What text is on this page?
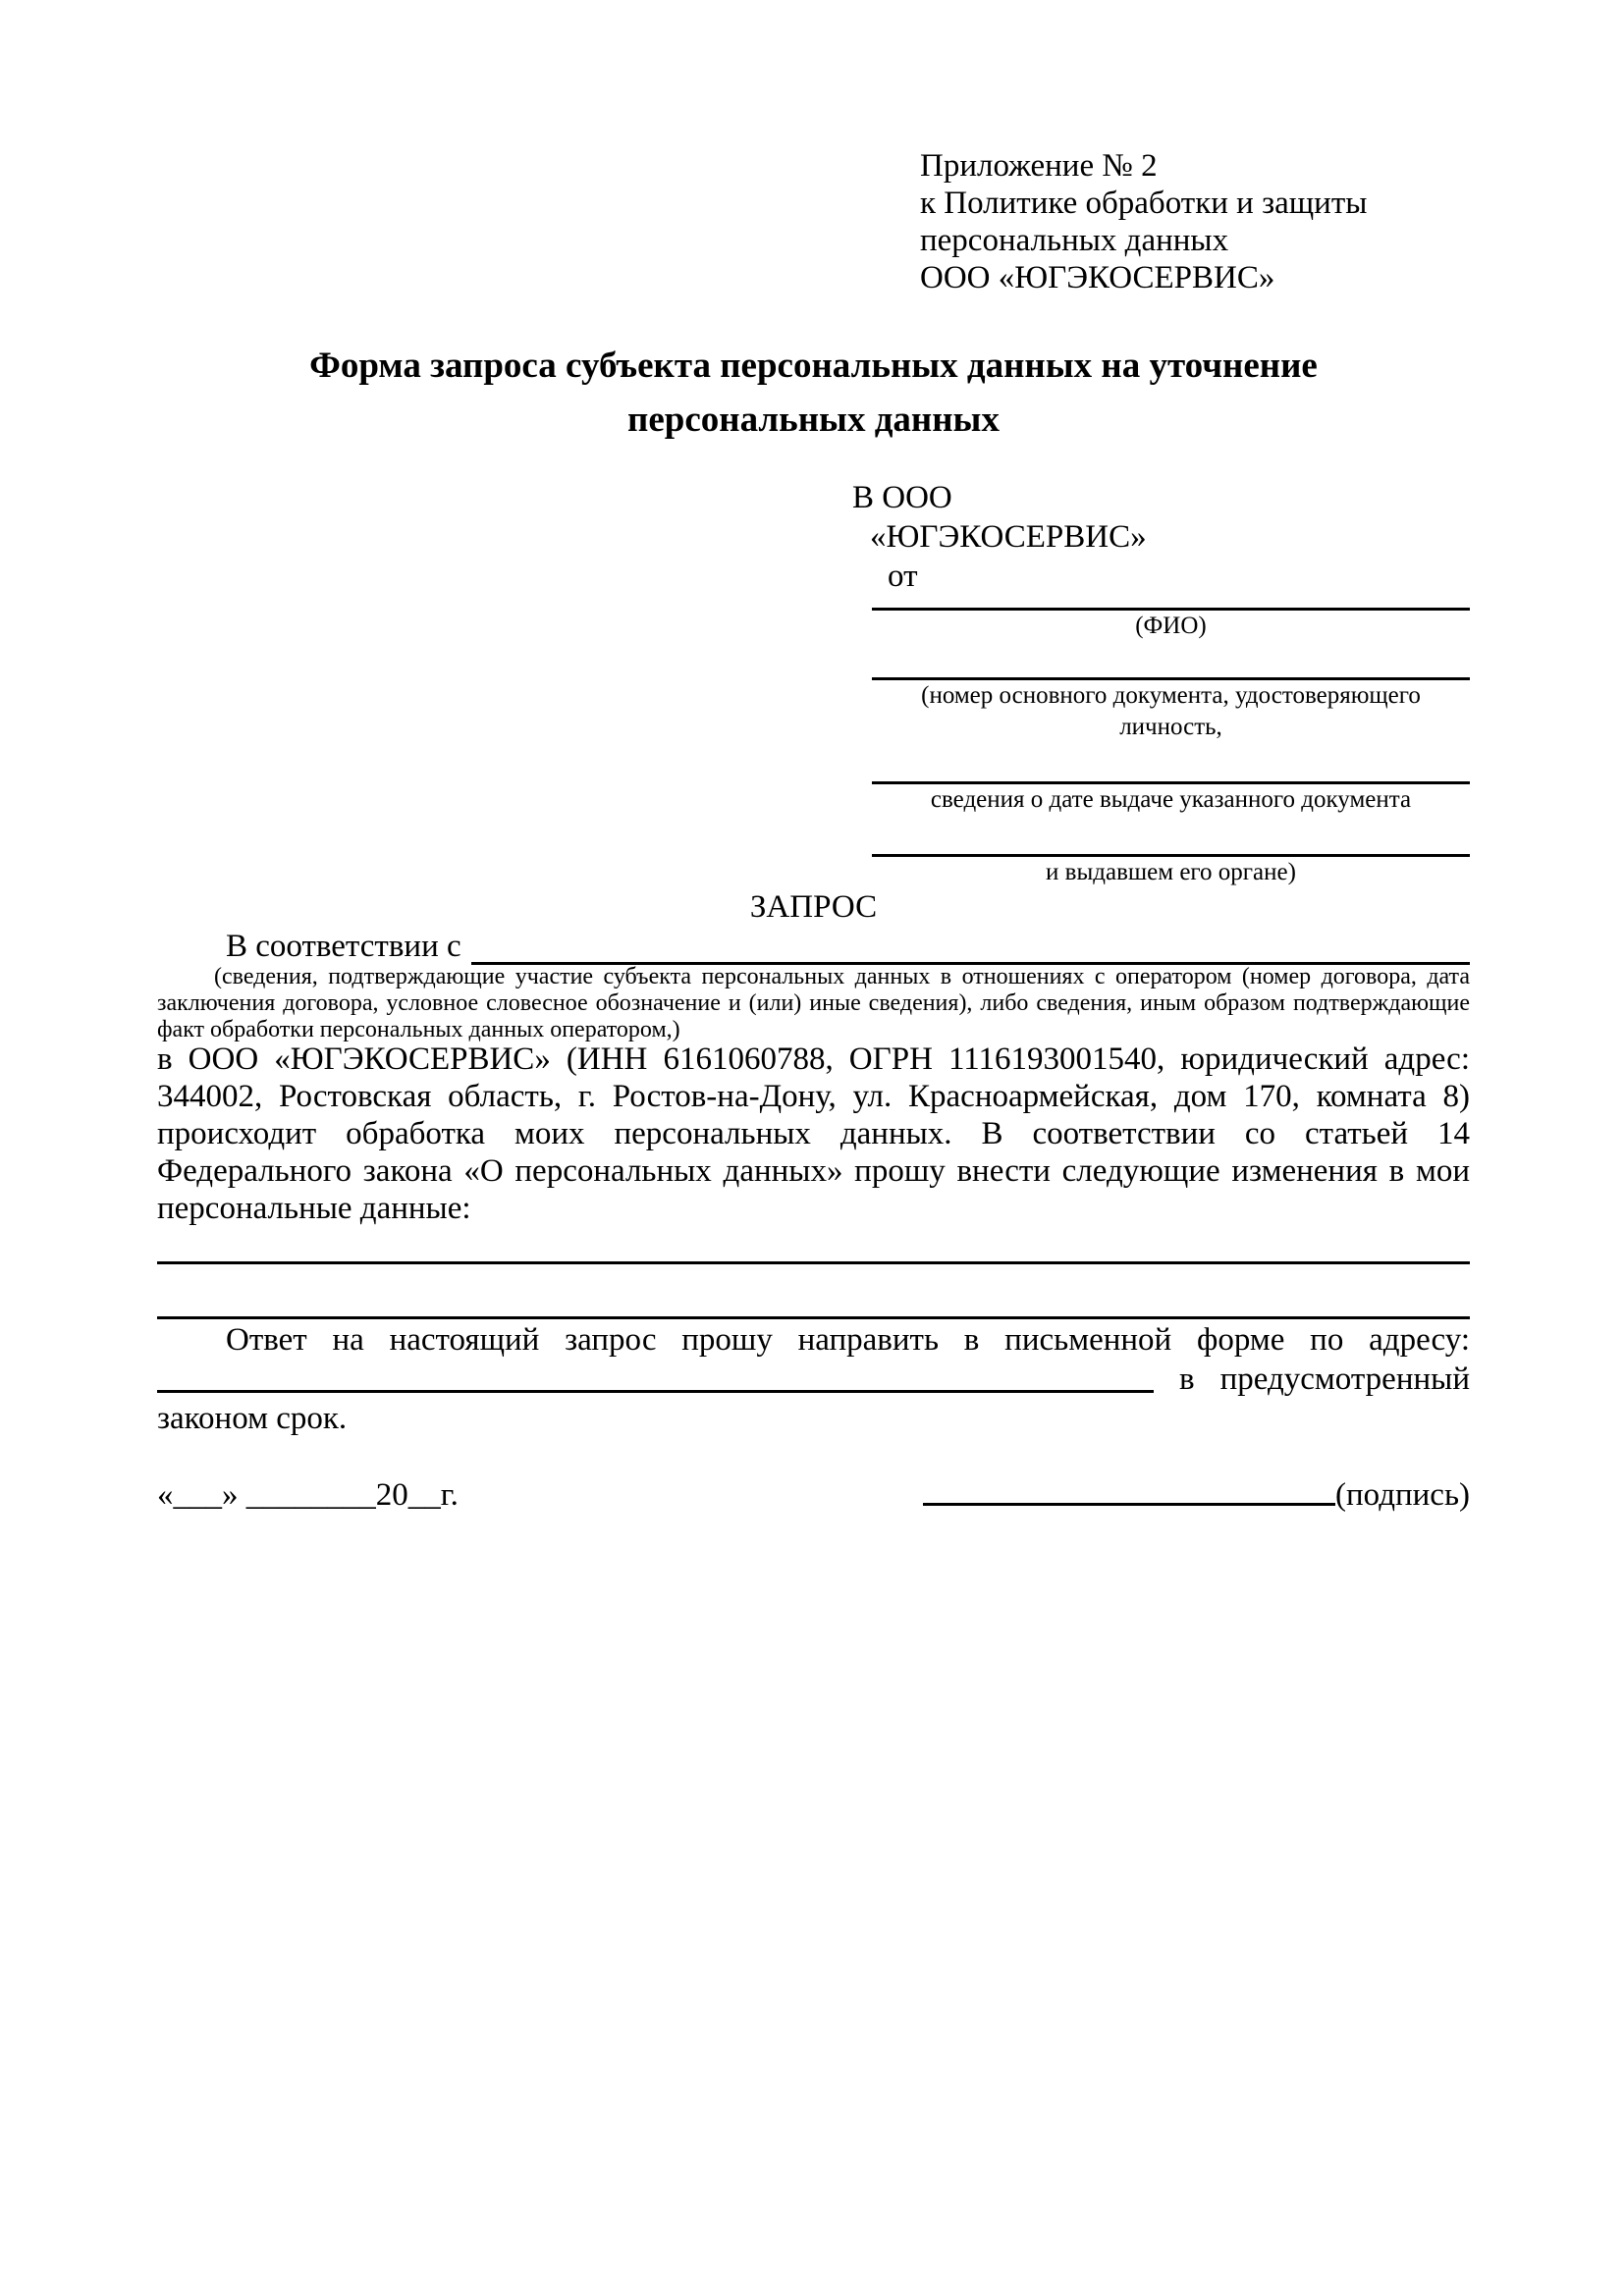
Приложение № 2
к Политике обработки и защиты персональных данных
ООО «ЮГЭКОСЕРВИС»
Форма запроса субъекта персональных данных на уточнение
персональных данных
В ООО
«ЮГЭКОСЕРВИС»
от
(ФИО)
(номер основного документа, удостоверяющего личность,
сведения о дате выдаче указанного документа
и выдавшем его органе)
ЗАПРОС
В соответствии с
(сведения, подтверждающие участие субъекта персональных данных в отношениях с оператором (номер договора, дата заключения договора, условное словесное обозначение и (или) иные сведения), либо сведения, иным образом подтверждающие факт обработки персональных данных оператором,)
в ООО «ЮГЭКОСЕРВИС» (ИНН 6161060788, ОГРН 1116193001540, юридический адрес: 344002, Ростовская область, г. Ростов-на-Дону, ул. Красноармейская, дом 170, комната 8) происходит обработка моих персональных данных. В соответствии со статьей 14 Федерального закона «О персональных данных» прошу внести следующие изменения в мои персональные данные:
Ответ на настоящий запрос прошу направить в письменной форме по адресу:
в предусмотренный
законом срок.
«___» ________20__г.	(подпись)
